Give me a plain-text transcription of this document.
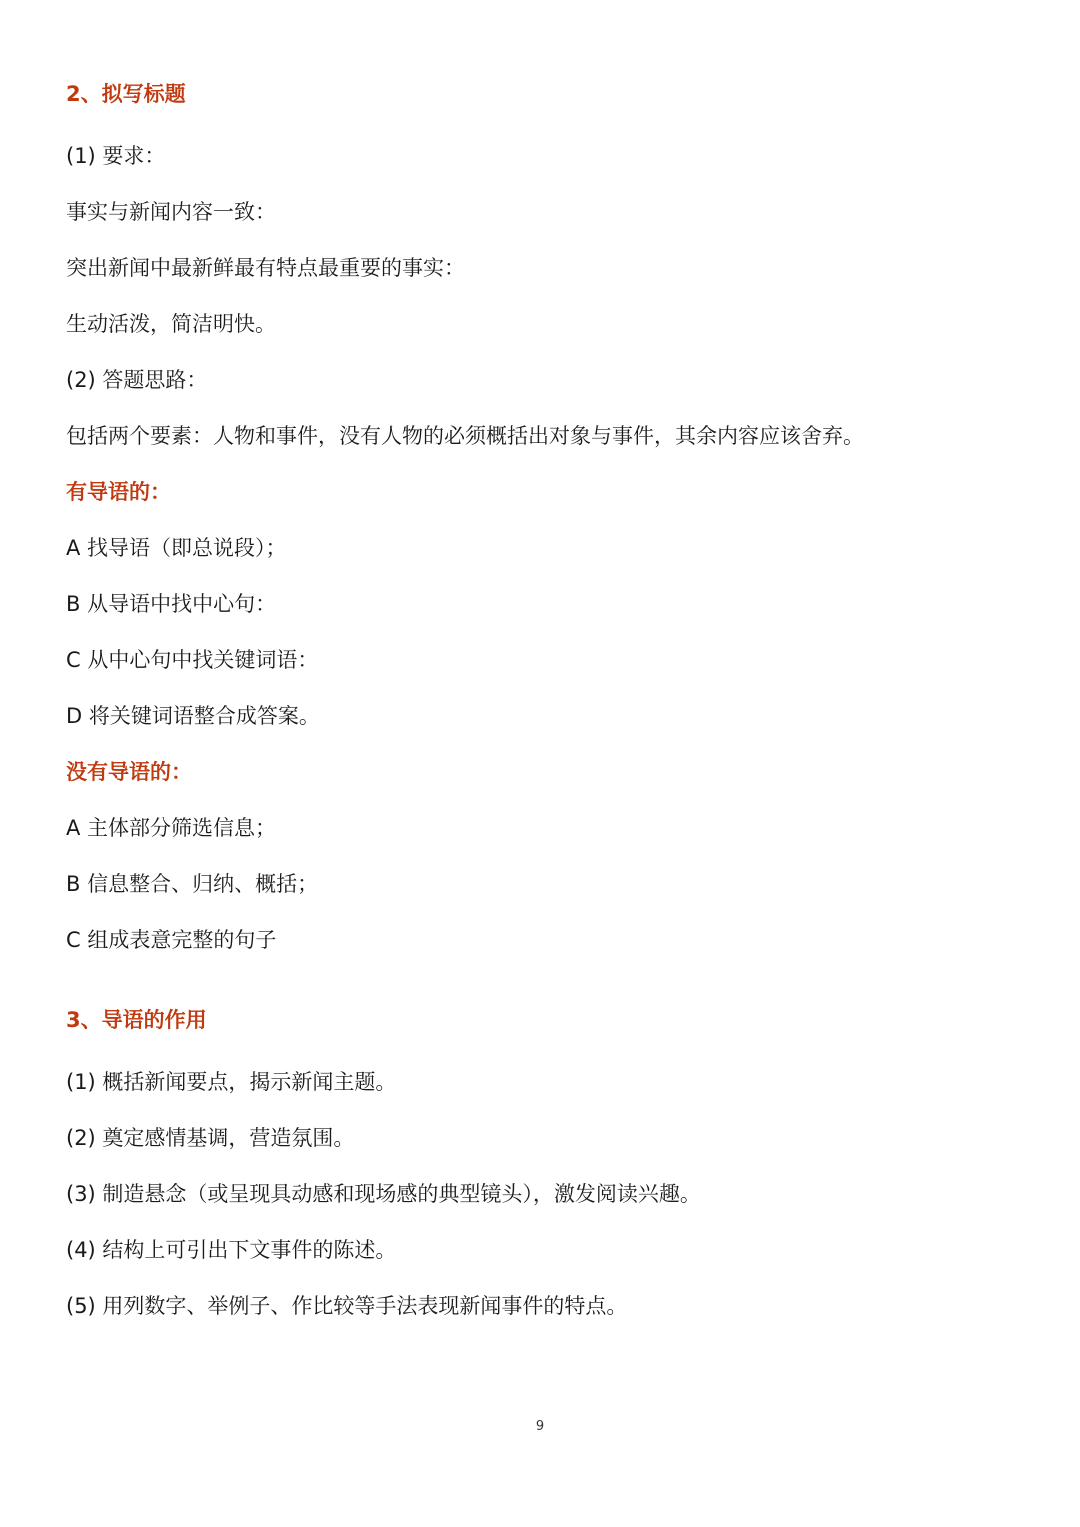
2、拟写标题
(1) 要求：
事实与新闻内容一致：
突出新闻中最新鲜最有特点最重要的事实：
生动活泼，简洁明快。
(2) 答题思路：
包括两个要素：人物和事件，没有人物的必须概括出对象与事件，其余内容应该舍弃。
有导语的：
A 找导语（即总说段）；
B 从导语中找中心句：
C 从中心句中找关键词语：
D 将关键词语整合成答案。
没有导语的：
A 主体部分筛选信息；
B 信息整合、归纳、概括；
C 组成表意完整的句子
3、导语的作用
(1) 概括新闻要点，揭示新闻主题。
(2) 奠定感情基调，营造氛围。
(3) 制造悬念（或呈现具动感和现场感的典型镜头），激发阅读兴趣。
(4) 结构上可引出下文事件的陈述。
(5) 用列数字、举例子、作比较等手法表现新闻事件的特点。
9
